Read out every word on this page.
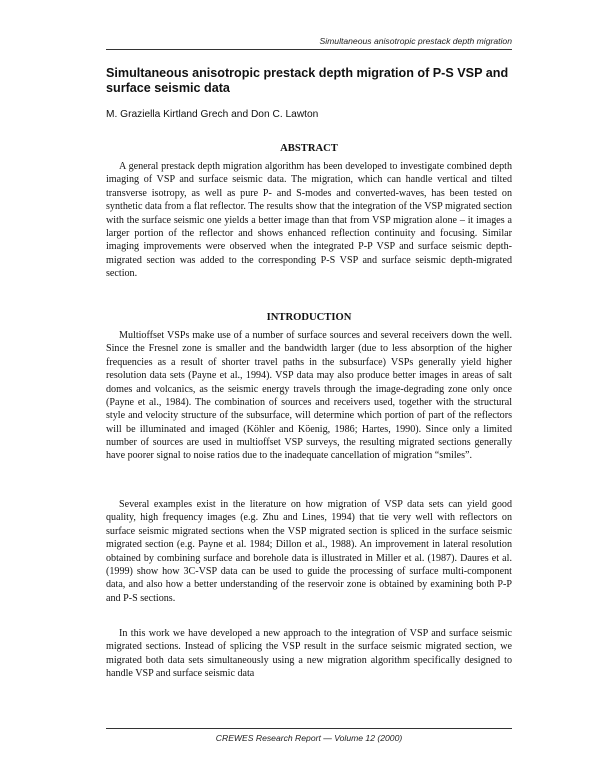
Simultaneous anisotropic prestack depth migration
Simultaneous anisotropic prestack depth migration of P-S VSP and surface seismic data
M. Graziella Kirtland Grech and Don C. Lawton
ABSTRACT

A general prestack depth migration algorithm has been developed to investigate combined depth imaging of VSP and surface seismic data. The migration, which can handle vertical and tilted transverse isotropy, as well as pure P- and S-modes and converted-waves, has been tested on synthetic data from a flat reflector. The results show that the integration of the VSP migrated section with the surface seismic one yields a better image than that from VSP migration alone – it images a larger portion of the reflector and shows enhanced reflection continuity and focusing. Similar imaging improvements were observed when the integrated P-P VSP and surface seismic depth-migrated section was added to the corresponding P-S VSP and surface seismic depth-migrated section.

INTRODUCTION

Multioffset VSPs make use of a number of surface sources and several receivers down the well. Since the Fresnel zone is smaller and the bandwidth larger (due to less absorption of the higher frequencies as a result of shorter travel paths in the subsurface) VSPs generally yield higher resolution data sets (Payne et al., 1994). VSP data may also produce better images in areas of salt domes and volcanics, as the seismic energy travels through the image-degrading zone only once (Payne et al., 1984). The combination of sources and receivers used, together with the structural style and velocity structure of the subsurface, will determine which portion of part of the reflectors will be illuminated and imaged (Köhler and Köenig, 1986; Hartes, 1990). Since only a limited number of sources are used in multioffset VSP surveys, the resulting migrated sections generally have poorer signal to noise ratios due to the inadequate cancellation of migration “smiles”.

Several examples exist in the literature on how migration of VSP data sets can yield good quality, high frequency images (e.g. Zhu and Lines, 1994) that tie very well with reflectors on surface seismic migrated sections when the VSP migrated section is spliced in the surface seismic migrated section (e.g. Payne et al. 1984; Dillon et al., 1988). An improvement in lateral resolution obtained by combining surface and borehole data is illustrated in Miller et al. (1987). Daures et al. (1999) show how 3C-VSP data can be used to guide the processing of surface multi-component data, and also how a better understanding of the reservoir zone is obtained by examining both P-P and P-S sections.

In this work we have developed a new approach to the integration of VSP and surface seismic migrated sections. Instead of splicing the VSP result in the surface seismic migrated section, we migrated both data sets simultaneously using a new migration algorithm specifically designed to handle VSP and surface seismic data

CREWES Research Report — Volume 12 (2000)
